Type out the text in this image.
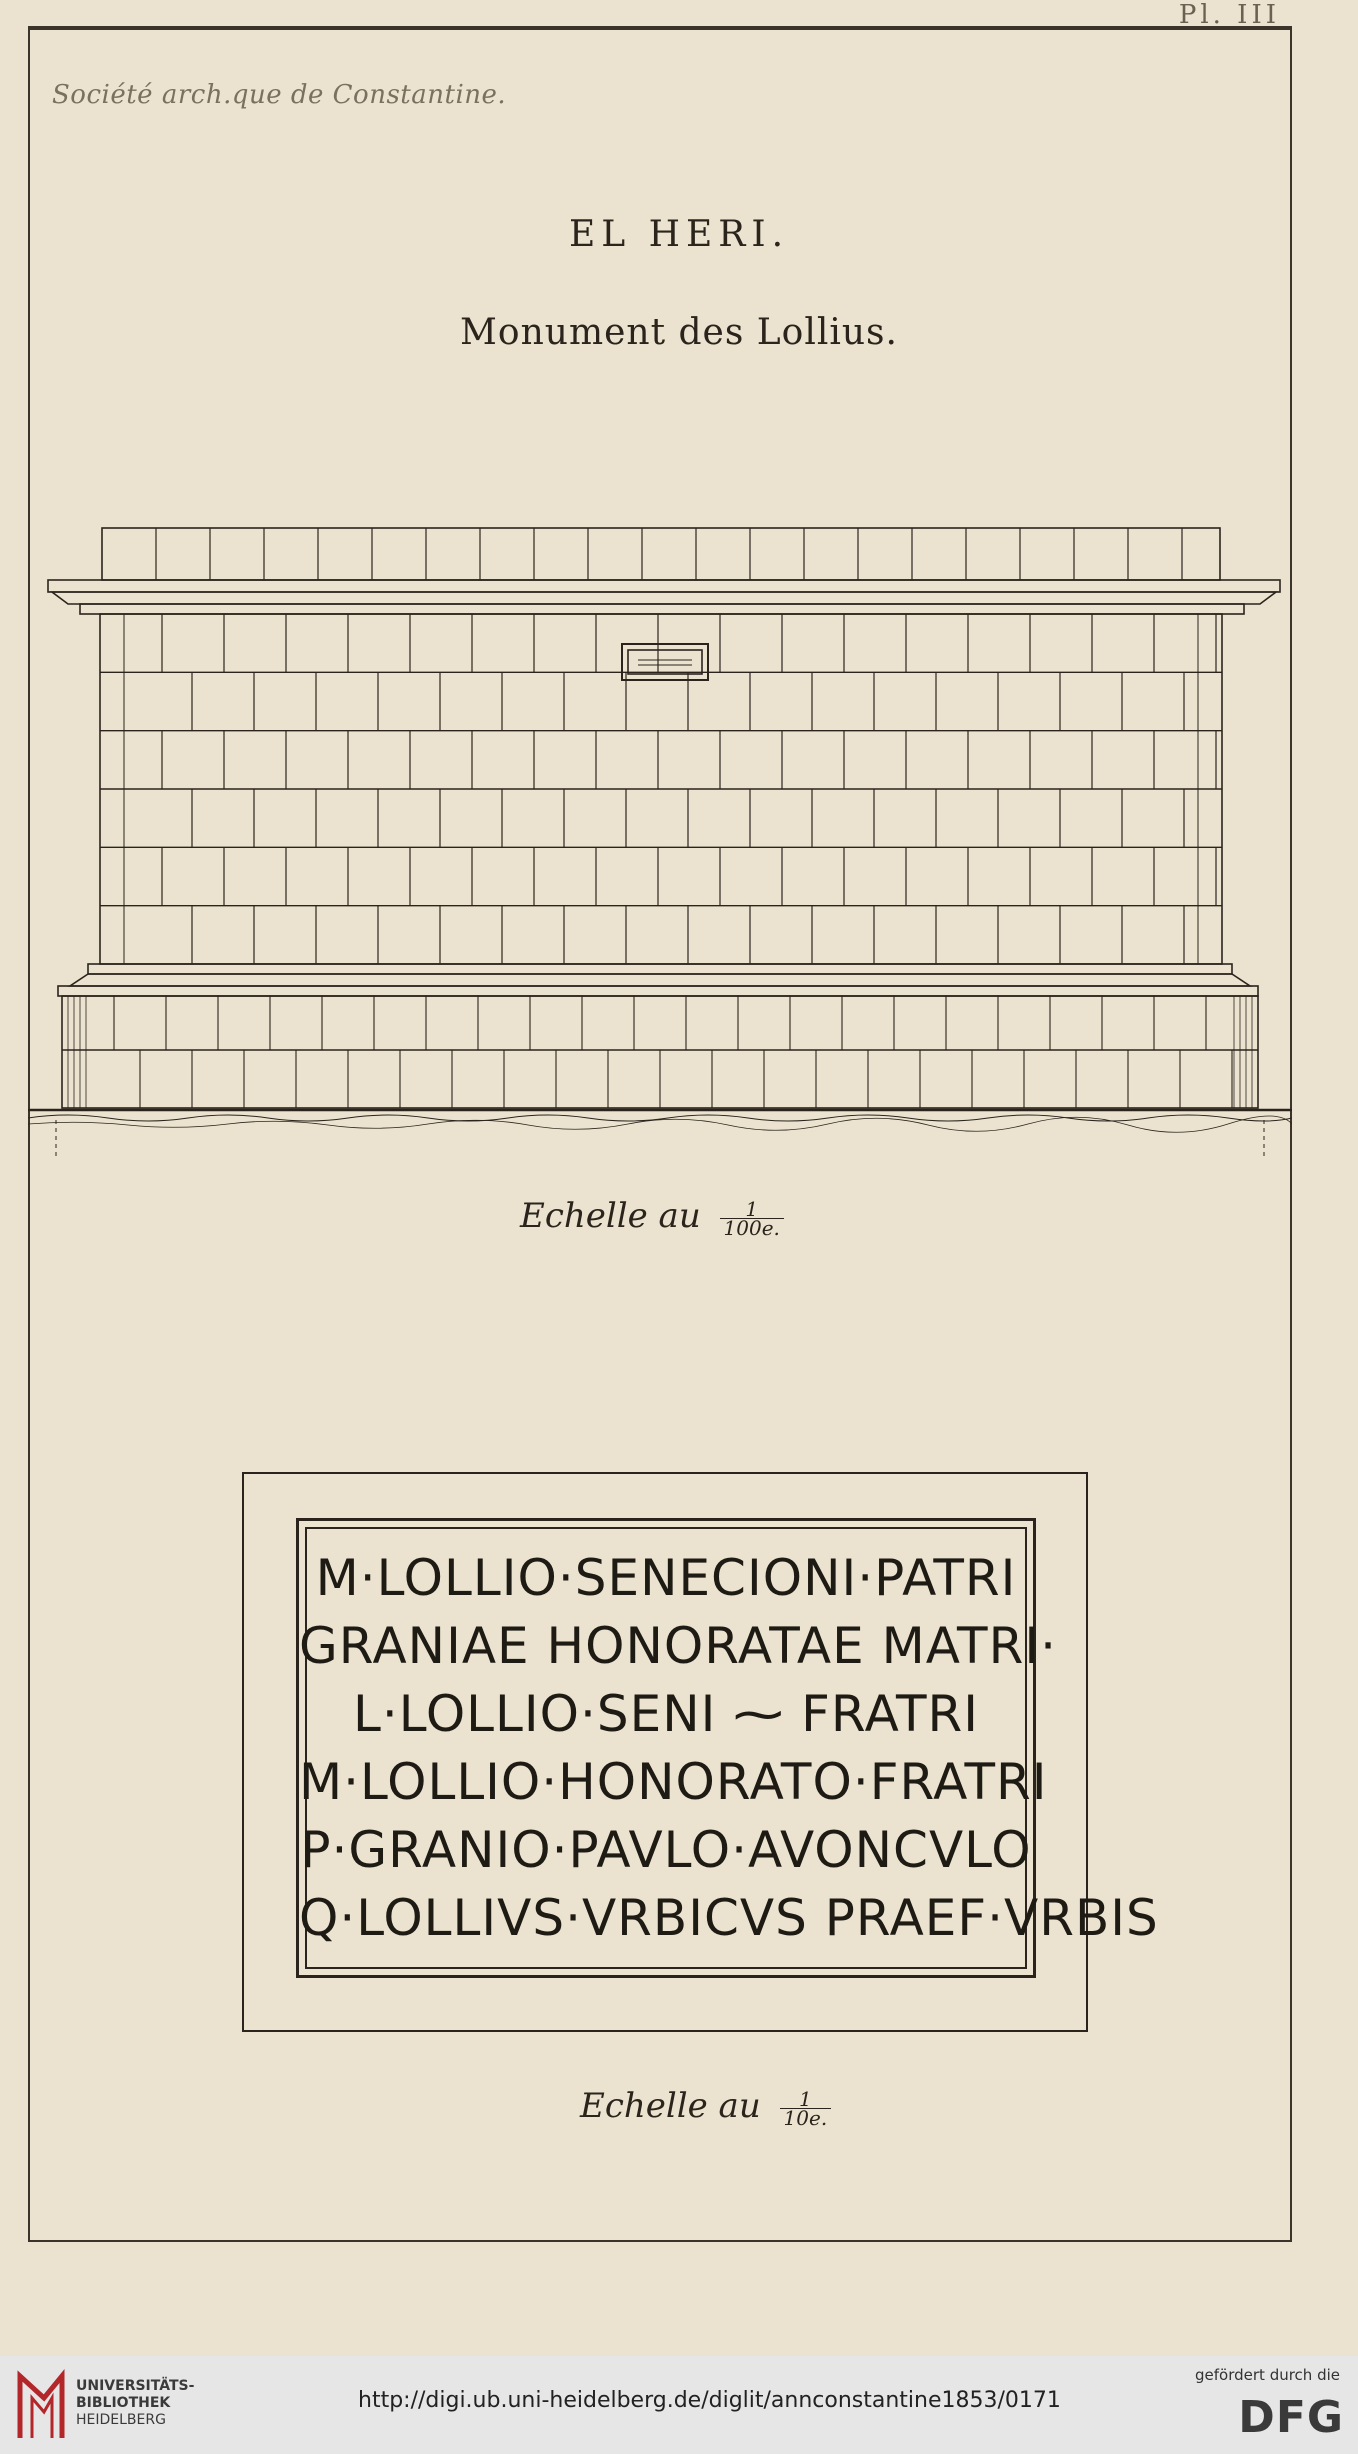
Pl. III
Société arch.que de Constantine.
EL HERI.
Monument des Lollius.
Echelle au $\frac{1}{100e.}$
M·LOLLIO·SENECIONI·PATRI
GRANIAE HONORATAE MATRI·
L·LOLLIO·SENI ⁓ FRATRI
M·LOLLIO·HONORATO·FRATRI
P·GRANIO·PAVLO·AVONCVLO
Q·LOLLIVS·VRBICVS PRAEF·VRBIS
Echelle au $\frac{1}{10e.}$
UNIVERSITÄTS-
BIBLIOTHEK
HEIDELBERG
http://digi.ub.uni-heidelberg.de/diglit/annconstantine1853/0171
gefördert durch die
DFG
